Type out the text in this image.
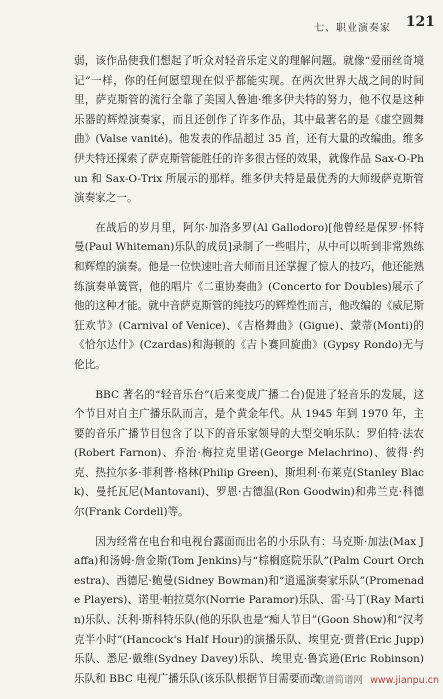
七、职业演奏家 121

弱，该作品使我们想起了听众对轻音乐定义的理解问题。就像“爱丽丝奇境记”一样，你的任何愿望现在似乎都能实现。在两次世界大战之间的时间里，萨克斯管的流行全靠了美国人鲁迪·维多伊夫特的努力，他不仅是这种乐器的辉煌演奏家，而且还创作了许多作品，其中最著名的是《虚空圆舞曲》(Valse vanité)。他发表的作品超过 35 首，还有大量的改编曲。维多伊夫特还探索了萨克斯管能胜任的许多很古怪的效果，就像作品 Sax-O-Phun 和 Sax-O-Trix 所展示的那样。维多伊夫特是最优秀的大师级萨克斯管演奏家之一。

在战后的岁月里，阿尔·加洛多罗(Al Gallodoro)[他曾经是保罗·怀特曼(Paul Whiteman)乐队的成员]录制了一些唱片，从中可以听到非常熟练和辉煌的演奏。他是一位快速吐音大师而且还掌握了惊人的技巧，他还能熟练演奏单簧管，他的唱片《二重协奏曲》(Concerto for Doubles)展示了他的这种才能。就中音萨克斯管的纯技巧的辉煌性而言，他改编的《威尼斯狂欢节》(Carnival of Venice)、《吉格舞曲》(Gigue)、蒙蒂(Monti)的《恰尔达什》(Czardas)和海顿的《吉卜赛回旋曲》(Gypsy Rondo)无与伦比。

BBC 著名的“轻音乐台”(后来变成广播二台)促进了轻音乐的发展，这个节目对自主广播乐队而言，是个黄金年代。从 1945 年到 1970 年，主要的音乐广播节目包含了以下的音乐家领导的大型交响乐队：罗伯特·法农(Robert Farnon)、乔治·梅拉克里诺(George Melachrino)、彼得·约克、热拉尔多·菲利普·格林(Philip Green)、斯坦利·布莱克(Stanley Black)、曼托瓦尼(Mantovani)、罗恩·古德温(Ron Goodwin)和弗兰克·科德尔(Frank Cordell)等。

因为经常在电台和电视台露面而出名的小乐队有：马克斯·加法(Max Jaffa)和汤姆·詹金斯(Tom Jenkins)与“棕榈庭院乐队”(Palm Court Orchestra)、西德尼·鲍曼(Sidney Bowman)和“逍遥演奏家乐队”(Promenade Players)、诺里·帕拉莫尔(Norrie Paramor)乐队、雷·马丁(Ray Martin)乐队、沃利·斯科特乐队(他的乐队也是“痴人节目”(Goon Show)和“汉考克半小时”(Hancock's Half Hour)的演播乐队、埃里克·贾普(Eric Jupp)乐队、悉尼·戴维(Sydney Davey)乐队、埃里克·鲁宾逊(Eric Robinson)乐队和 BBC 电视广播乐队(该乐队根据节目需要而改

歌谱简谱网 www.jianpu.cn
